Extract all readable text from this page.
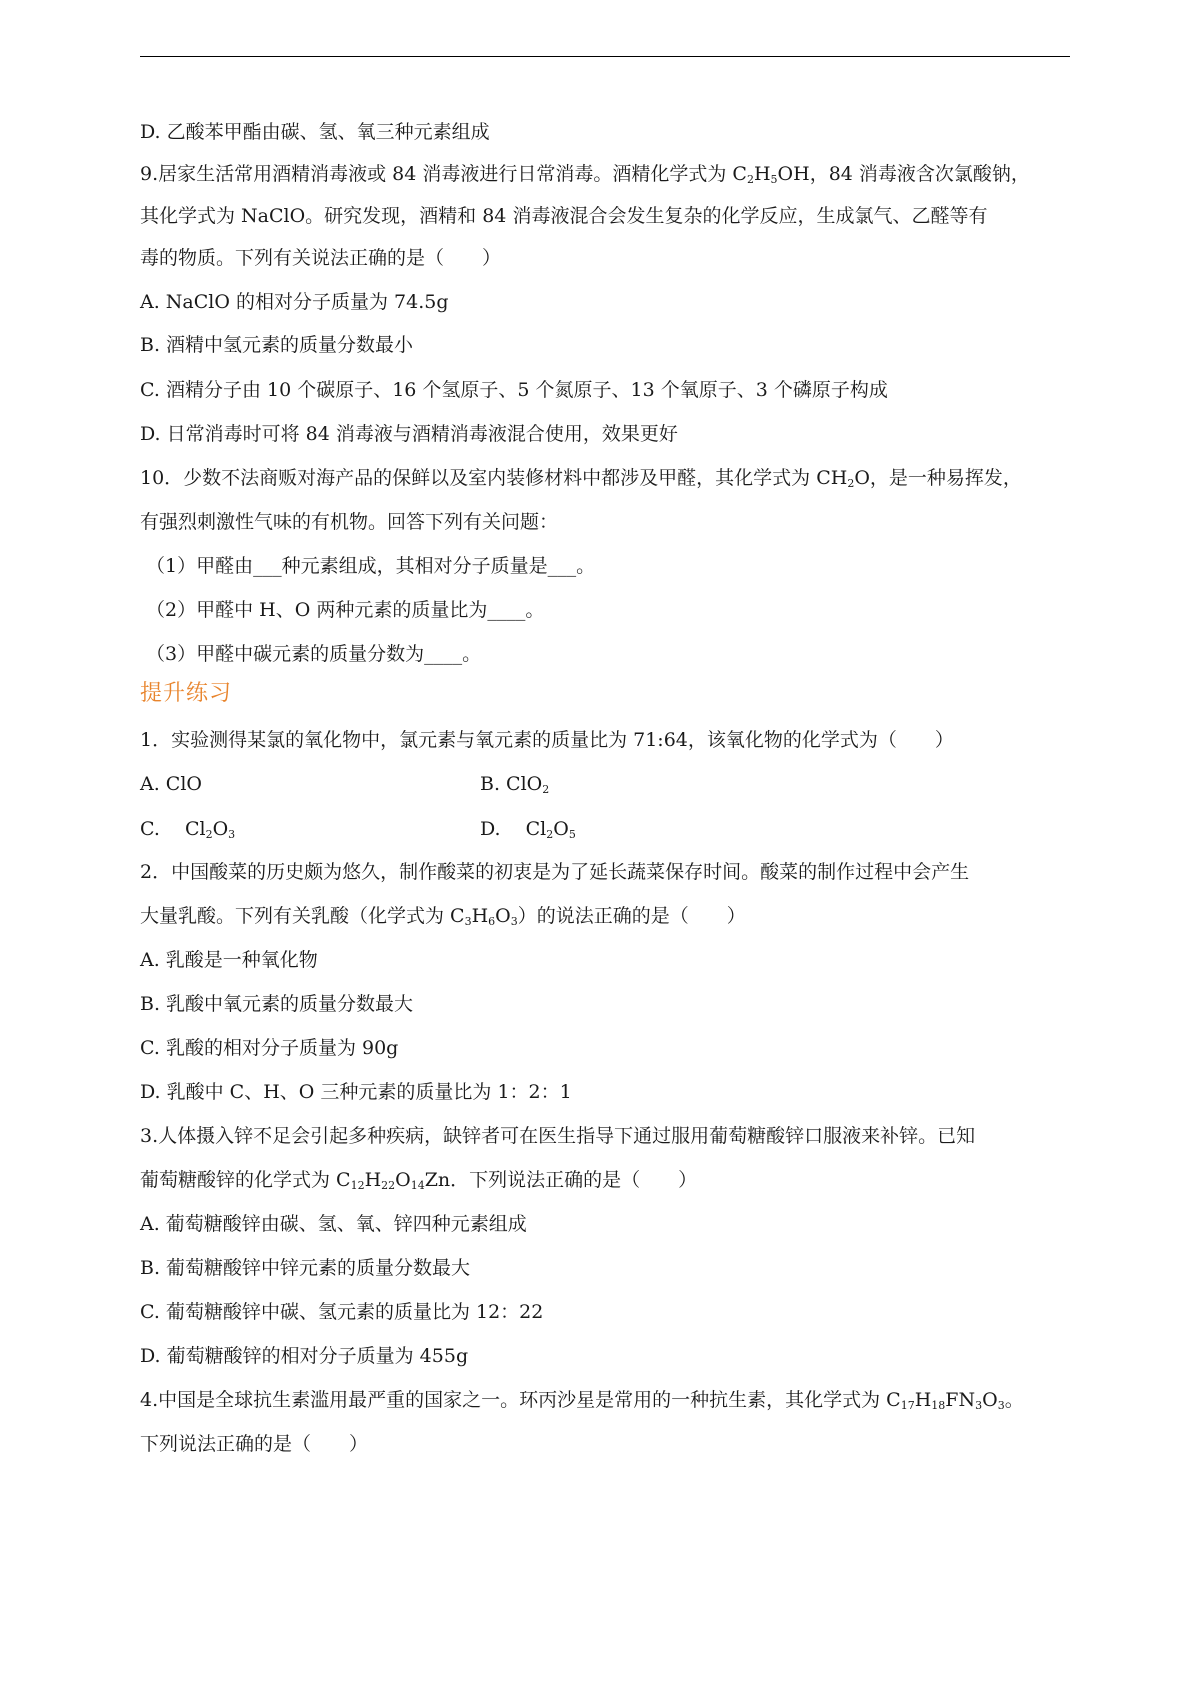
D. 乙酸苯甲酯由碳、氢、氧三种元素组成
9.居家生活常用酒精消毒液或 84 消毒液进行日常消毒。酒精化学式为 $C_2H_5OH$，84 消毒液含次氯酸钠，
其化学式为 NaClO。研究发现，酒精和 84 消毒液混合会发生复杂的化学反应，生成氯气、乙醛等有
毒的物质。下列有关说法正确的是（　　）
A. NaClO 的相对分子质量为 74.5g
B. 酒精中氢元素的质量分数最小
C. 酒精分子由 10 个碳原子、16 个氢原子、5 个氮原子、13 个氧原子、3 个磷原子构成
D. 日常消毒时可将 84 消毒液与酒精消毒液混合使用，效果更好
10．少数不法商贩对海产品的保鲜以及室内装修材料中都涉及甲醛，其化学式为 $CH_2O$，是一种易挥发，
有强烈刺激性气味的有机物。回答下列有关问题：
（1）甲醛由___种元素组成，其相对分子质量是___。
（2）甲醛中 H、O 两种元素的质量比为____。
（3）甲醛中碳元素的质量分数为____。
提升练习
1．实验测得某氯的氧化物中，氯元素与氧元素的质量比为 71:64，该氧化物的化学式为（　　）
A. ClO	B. ClO$_2$
C.　 $Cl_2O_3$	D.　 $Cl_2O_5$
2．中国酸菜的历史颇为悠久，制作酸菜的初衷是为了延长蔬菜保存时间。酸菜的制作过程中会产生
大量乳酸。下列有关乳酸（化学式为 $C_3H_6O_3$）的说法正确的是（　　）
A. 乳酸是一种氧化物
B. 乳酸中氧元素的质量分数最大
C. 乳酸的相对分子质量为 90g
D. 乳酸中 C、H、O 三种元素的质量比为 1：2：1
3.人体摄入锌不足会引起多种疾病，缺锌者可在医生指导下通过服用葡萄糖酸锌口服液来补锌。已知
葡萄糖酸锌的化学式为 $C_{12}H_{22}O_{14}Zn$．下列说法正确的是（　　）
A. 葡萄糖酸锌由碳、氢、氧、锌四种元素组成
B. 葡萄糖酸锌中锌元素的质量分数最大
C. 葡萄糖酸锌中碳、氢元素的质量比为 12：22
D. 葡萄糖酸锌的相对分子质量为 455g
4.中国是全球抗生素滥用最严重的国家之一。环丙沙星是常用的一种抗生素，其化学式为 $C_{17}H_{18}FN_3O_3$。
下列说法正确的是（　　）
